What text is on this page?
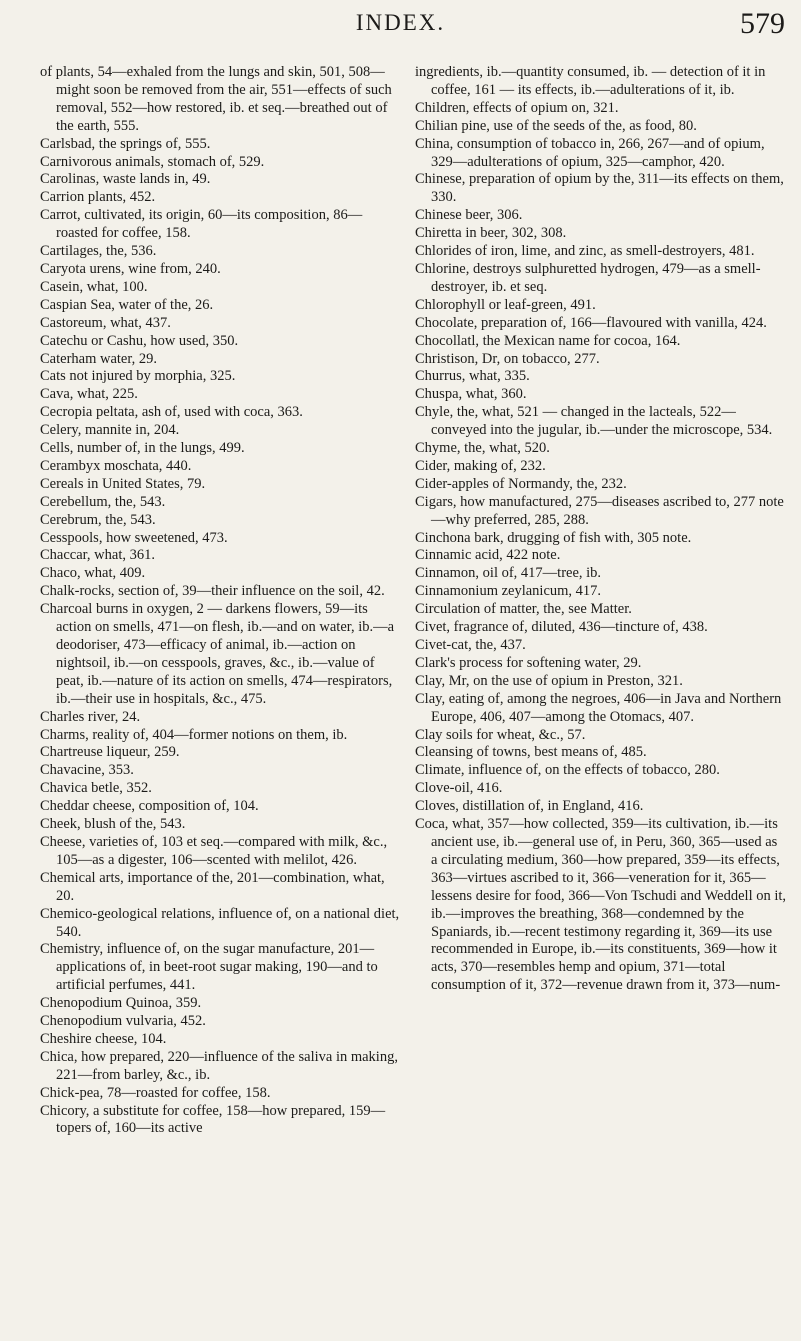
INDEX.	579

of plants, 54—exhaled from the lungs and skin, 501, 508—might soon be removed from the air, 551—effects of such removal, 552—how restored, ib. et seq.—breathed out of the earth, 555.

Carlsbad, the springs of, 555.

Carnivorous animals, stomach of, 529.

Carolinas, waste lands in, 49.

Carrion plants, 452.

Carrot, cultivated, its origin, 60—its composition, 86—roasted for coffee, 158.

Cartilages, the, 536.

Caryota urens, wine from, 240.

Casein, what, 100.

Caspian Sea, water of the, 26.

Castoreum, what, 437.

Catechu or Cashu, how used, 350.

Caterham water, 29.

Cats not injured by morphia, 325.

Cava, what, 225.

Cecropia peltata, ash of, used with coca, 363.

Celery, mannite in, 204.

Cells, number of, in the lungs, 499.

Cerambyx moschata, 440.

Cereals in United States, 79.

Cerebellum, the, 543.

Cerebrum, the, 543.

Cesspools, how sweetened, 473.

Chaccar, what, 361.

Chaco, what, 409.

Chalk-rocks, section of, 39—their influence on the soil, 42.

Charcoal burns in oxygen, 2 — darkens flowers, 59—its action on smells, 471—on flesh, ib.—and on water, ib.—a deodoriser, 473—efficacy of animal, ib.—action on nightsoil, ib.—on cesspools, graves, &c., ib.—value of peat, ib.—nature of its action on smells, 474—respirators, ib.—their use in hospitals, &c., 475.

Charles river, 24.

Charms, reality of, 404—former notions on them, ib.

Chartreuse liqueur, 259.

Chavacine, 353.

Chavica betle, 352.

Cheddar cheese, composition of, 104.

Cheek, blush of the, 543.

Cheese, varieties of, 103 et seq.—compared with milk, &c., 105—as a digester, 106—scented with melilot, 426.

Chemical arts, importance of the, 201—combination, what, 20.

Chemico-geological relations, influence of, on a national diet, 540.

Chemistry, influence of, on the sugar manufacture, 201—applications of, in beet-root sugar making, 190—and to artificial perfumes, 441.

Chenopodium Quinoa, 359.

Chenopodium vulvaria, 452.

Cheshire cheese, 104.

Chica, how prepared, 220—influence of the saliva in making, 221—from barley, &c., ib.

Chick-pea, 78—roasted for coffee, 158.

Chicory, a substitute for coffee, 158—how prepared, 159—topers of, 160—its active

ingredients, ib.—quantity consumed, ib. — detection of it in coffee, 161 — its effects, ib.—adulterations of it, ib.

Children, effects of opium on, 321.

Chilian pine, use of the seeds of the, as food, 80.

China, consumption of tobacco in, 266, 267—and of opium, 329—adulterations of opium, 325—camphor, 420.

Chinese, preparation of opium by the, 311—its effects on them, 330.

Chinese beer, 306.

Chiretta in beer, 302, 308.

Chlorides of iron, lime, and zinc, as smell-destroyers, 481.

Chlorine, destroys sulphuretted hydrogen, 479—as a smell-destroyer, ib. et seq.

Chlorophyll or leaf-green, 491.

Chocolate, preparation of, 166—flavoured with vanilla, 424.

Chocollatl, the Mexican name for cocoa, 164.

Christison, Dr, on tobacco, 277.

Churrus, what, 335.

Chuspa, what, 360.

Chyle, the, what, 521 — changed in the lacteals, 522—conveyed into the jugular, ib.—under the microscope, 534.

Chyme, the, what, 520.

Cider, making of, 232.

Cider-apples of Normandy, the, 232.

Cigars, how manufactured, 275—diseases ascribed to, 277 note—why preferred, 285, 288.

Cinchona bark, drugging of fish with, 305 note.

Cinnamic acid, 422 note.

Cinnamon, oil of, 417—tree, ib.

Cinnamonium zeylanicum, 417.

Circulation of matter, the, see Matter.

Civet, fragrance of, diluted, 436—tincture of, 438.

Civet-cat, the, 437.

Clark's process for softening water, 29.

Clay, Mr, on the use of opium in Preston, 321.

Clay, eating of, among the negroes, 406—in Java and Northern Europe, 406, 407—among the Otomacs, 407.

Clay soils for wheat, &c., 57.

Cleansing of towns, best means of, 485.

Climate, influence of, on the effects of tobacco, 280.

Clove-oil, 416.

Cloves, distillation of, in England, 416.

Coca, what, 357—how collected, 359—its cultivation, ib.—its ancient use, ib.—general use of, in Peru, 360, 365—used as a circulating medium, 360—how prepared, 359—its effects, 363—virtues ascribed to it, 366—veneration for it, 365—lessens desire for food, 366—Von Tschudi and Weddell on it, ib.—improves the breathing, 368—condemned by the Spaniards, ib.—recent testimony regarding it, 369—its use recommended in Europe, ib.—its constituents, 369—how it acts, 370—resembles hemp and opium, 371—total consumption of it, 372—revenue drawn from it, 373—num-
